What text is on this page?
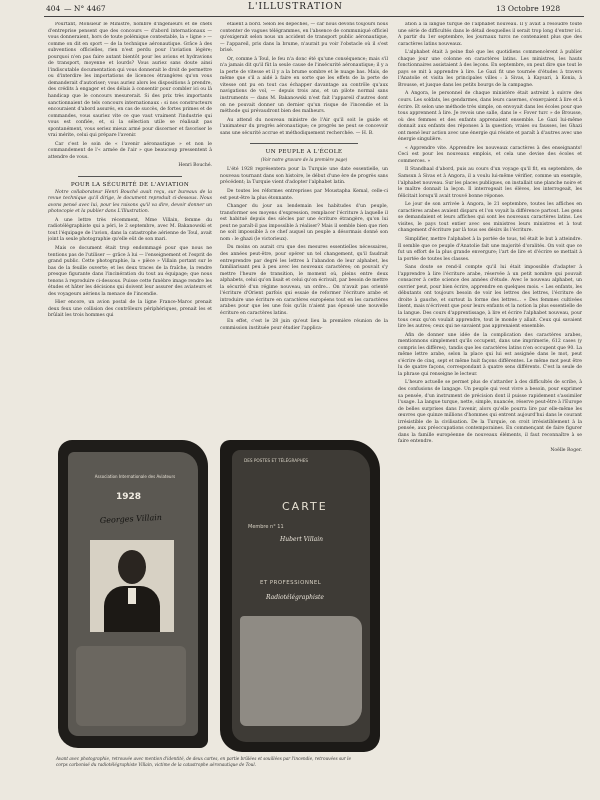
404 — N° 4467	L'ILLUSTRATION	13 Octobre 1928

Pourtant, Monsieur le Ministre, nombre d'ingénieurs et de chefs d'entreprise pensent que des concours — d'abord internationaux — vous donneraient, hors de toute polémique contestable, la « ligne » — comme on dit en sport — de la technique aéronautique. Grâce à des subventions officielles, rien n'est perdu pour l'aviation légère; pourquoi n'en pas faire autant bientôt pour les avions et hydravions de transport, moyenne et lourds? Vous auriez sans doute ainsi l'indiscutable documentation qui vous donnerait le droit de permettre ou d'interdire les importations de licences étrangères qu'on vous demanderait d'autoriser; vous auriez alors les dispositions à prendre, des crédits à engager et des délais à consentir pour combler ici ou là handicap que le concours mesurerait. Si des prix très importants sanctionnaient de tels concours internationaux : si nos constructeurs encouraient d'abord assurés, en cas de succès, de fortes primes et de commandes, vous sauriez vite ce que vaut vraiment l'industrie qui vous est confiée, et, si la sélection utile se réalisait pas spontanément, vous seriez mieux armé pour discerner et favoriser le vrai mérite, celui qui prépare l'avenir.

Car c'est le soin de « l'avenir aéronautique » et non le commandement de l'« armée de l'air » que beaucoup pressentent à attendre de vous.

Henri Bouché.
POUR LA SÉCURITÉ DE L'AVIATION

Notre collaborateur Henri Bouché avait reçu, sur bureaux de la revue technique qu'il dirige, le document reproduit ci-dessous. Nous avons pensé avec lui, pour les raisons qu'il va dire, devoir donner un photocopie et la publier dans L'Illustration.

A une lettre très récemment, Mme Villain, femme du radiotélégraphiste qui a péri, le 2 septembre, avec M. Bakanowski et tout l'équipage de l'avion, dans la catastrophe aérienne de Toul, avait joint la seule photographie qu'elle eût de son mari.

Mais ce document était trop endommagé pour que nous ne tentions pas de l'utiliser — grâce à lui — l'enseignement et l'esprit de grand public. Cette photographie, la « pièce » Villain portant sur le bas de la feuille ouverte; et les deux traces de la fraîche, la rendre presque figurante dans l'incinération du tout au équipage; que nous tenons à reproduire ci-dessous. Puisse cette funèbre image rendre les études et hâter les décisions qui doivent leur assurer des aviateurs et des voyageurs aériens la menace de l'incendie.

Hier encore, un avion postal de la ligne France-Maroc prenait deux feux une collision des contrôleurs périphériques, prenait les et brûlait les trois hommes qui

étaient à bord. Selon les dépêches, — car nous devons toujours nous contenter de vagues télégrammes, en l'absence de communiqué officiel qu'exigerait selon nous un accident de transport public aéronautique, — l'appareil, pris dans la brume, n'aurait pu voir l'obstacle où il s'est brisé.

Or, comme à Toul, le feu n'a donc été qu'une conséquence; mais s'il n'a jamais dit qu'il fût la seule cause de l'insécurité aéronautique; il y a la perte de vitesse et il y a la brume sombre et le nuage bas. Mais, de même que s'il a aidé à faire en sorte que les effets de la perte de vitesse ont pu en tout cas échapper davantage au contrôle qu'aux navigations de vol, — depuis trois ans, et un pilote normal sans instruments — dans M. Bakanowski n'est fait l'appareil d'autres dont on ne pouvait donner un dernier qu'un risque de l'incendie et la méthode qui prévaudront bien des malheurs.

Au attend du nouveau ministre de l'Air qu'il soit le guide et l'animateur du progrès aéronautique; ce progrès ne peut se concevoir sans une sécurité accrue et méthodiquement recherchée. — H. B.

UN PEUPLE A L'ÉCOLE
(Voir notre gravure de la première page)

L'été 1928 représentera pour la Turquie une date essentielle, un nouveau tournant dans son histoire, le début d'une ère de progrès sans précédent; la Turquie vient d'adopter l'alphabet latin.

De toutes les réformes entreprises par Moustapha Kemal, celle-ci est peut-être la plus étonnante.

Changer du jour au lendemain les habitudes d'un peuple, transformer ses moyens d'expression, remplacer l'écriture à laquelle il est habitué depuis des siècles par une écriture étrangère, qu'on lui peut ne paraît-il pas impossible à réaliser? Mais il semble bien que rien ne soit impossible à ce chef auquel un peuple a désormais donné son nom : le ghazi (le victorieux).

Du moins on aurait cru que des mesures essentielles nécessaires, des années peut-être, pour opérer un tel changement, qu'il faudrait entreprendre par degré les lettres à l'abandon de leur alphabet, les familiarisant peu à peu avec les nouveaux caractères; on pouvait s'y mettre l'heure de transition, le moment où, pleins entre deux alphabets, celui qu'on lisait et celui qu'on écrivait, par besoin de mettre la sécurité d'un régime nouveau, un ordre... On n'avait pas orienté l'écriture d'Orient parfois qui essaie de reformer l'écriture arabe et introduire une écriture en caractères européens tout en les caractères arabes pour que les une fois qu'ils n'aient pas épousé une nouvelle écriture en caractères latins.

En effet, c'est le 28 juin qu'eut lieu la première réunion de la commission instituée pour étudier l'applica-

ation à la langue turque de l'alphabet nouveau. Il y avait à résoudre toute une série de difficultés dans le détail desquelles il serait trop long d'entrer ici. A partir du 1er septembre, les journaux turcs ne contenaient plus que des caractères latins nouveaux.

L'alphabet était à peine fixé que les quotidiens commencèrent à publier chaque jour une colonne en caractères latins. Les ministres, les hauts fonctionnaires assistaient à des leçons. En septembre, on peut dire que tout le pays se mit à apprendre à lire. Le Gazi fit une tournée d'études à travers l'Anatolie et visita les principales villes : à Sivas, à Kaysari, à Konia, à Brousse, et jusque dans les petits bourgs de la campagne.

A Angora, le personnel de chaque ministère était astreint à suivre des cours. Les soldats, les gendarmes, dans leurs casernes, s'exerçaient à lire et à écrire. Et selon une méthode très simple, on envoyait dans les écoles pour que tous apprennent à lire. Je revois une salle, dans le « Fover turc » de Brousse, où des femmes et des enfants apprenaient ensemble. Le Gazi lui-même donnait aux enfants des réponses à la question; vraies ou fausses, les Ghazi ont mené leur action avec une énergie qui résiste et paraît à d'autres avec une énergie singulière.

« Apprendre vite. Apprendre les nouveaux caractères à des enseignants! Ceci est pour les nouveaux emplois, et cela une devise des écoles et commerces. »

Il Standhaal d'abord, puis au cours d'un voyage qu'il fit, en septembre, de Samsun à Sivas et à Angora, il a voulu lui-même vérifier, comme un exemple, l'alphabet nouveau. Sur les places publiques, on installait une planche noire et le maître donnait la leçon. Il interrogeait les élèves, les interrogeait, les félicitait lorsqu'il avait trouvé bonne réponse.

Le jour de son arrivée à Angora, le 21 septembre, toutes les affiches en caractères arabes avaient disparu et l'on voyait la différence partout. Les gens se demandaient et leurs affiches qui sont les nouveaux caractères latins. Les visites, le pays tout entier avec ses ministres leurs ministres et à tout changement d'écriture par là tous ses désirs ils l'écriture.

Simplifier, mettre l'alphabet à la portée de tous, tel était le but à atteindre. Il semble que ce peuple d'Anatolie fait une majorité d'oralités. On voit que ce fut un effort de la plus grande envergure; l'art de lire et d'écrire se mettait à la portée de toutes les classes.

Sans doute se rend-il compte qu'il lui était impossible d'adapter à l'apprendre à lire l'écriture arabe, réservée à un petit nombre qui pouvait consacrer à cette science des années d'étude. Avec le nouveau alphabet, un ouvrier peut, pour bien écrire, apprendre en quelques mois. « Les enfants, les débutants ont toujours besoin de voir les lettres des lettres, l'écriture de droite à gauche, et surtout la forme des lettres... » Des femmes cultivées lisent, mais n'écrivent que pour leurs enfants et la notion la plus essentielle de la langue. Des cours d'apprentissage, à lire et écrire l'alphabet nouveau, pour tous ceux qu'on voulait apprendre, tout le monde y allait. Ceux qui savaient lire les autres; ceux qui ne savaient pas apprenaient ensemble.

Afin de donner une idée de la complication des caractères arabes, mentionnons simplement qu'ils occupent, dans une imprimerie, 612 cases (y compris les diffères), tandis que les caractères latins n'en occupent que 90. La même lettre arabe, selon la place qui lui est assignée dans le mot, peut s'écrire de cinq, sept et même huit façons différentes. Le même mot peut être lu de quatre façons, correspondant à quatre sens différents. C'est la seule de la phrase qui renseigne le lecteur.

L'heure actuelle se permet plus de s'attarder à des difficultés de scribe, à des confusions de langage. Un peuple qui veut vivre a besoin, pour exprimer sa pensée, d'un instrument de précision dont il puisse rapidement s'assimiler l'usage. La langue turque, nette, simple, nuancée, réserve peut-être à l'Europe de belles surprises dans l'avenir, alors qu'elle pourra lire par elle-même les œuvres que quinze millions d'hommes qui entrent aujourd'hui dans le courant irrésistible de la civilisation. De la Turquie, on croit irrésistiblement à la pensée, aux préoccupations contemporaines. En commençant de faire figurer dans la famille européenne de nouveaux éléments, il faut reconnaître à se faire entendre.

Noëlle Roger.
Association Internationale des Aviateurs
1928
Georges Villain
DES POSTES ET TÉLÉGRAPHES
CARTE
Membre n° 11
Hubert Villain
ET PROFESSIONNEL
Radiotélégraphiste
Avant avec photographie, retrouvée avec mention d'identité, de deux cartes, en partie brûlées et souillées par l'incendie, retrouvées sur le corps carbonisé du radiotélégraphiste Villain, victime de la catastrophe aéronautique de Toul.
